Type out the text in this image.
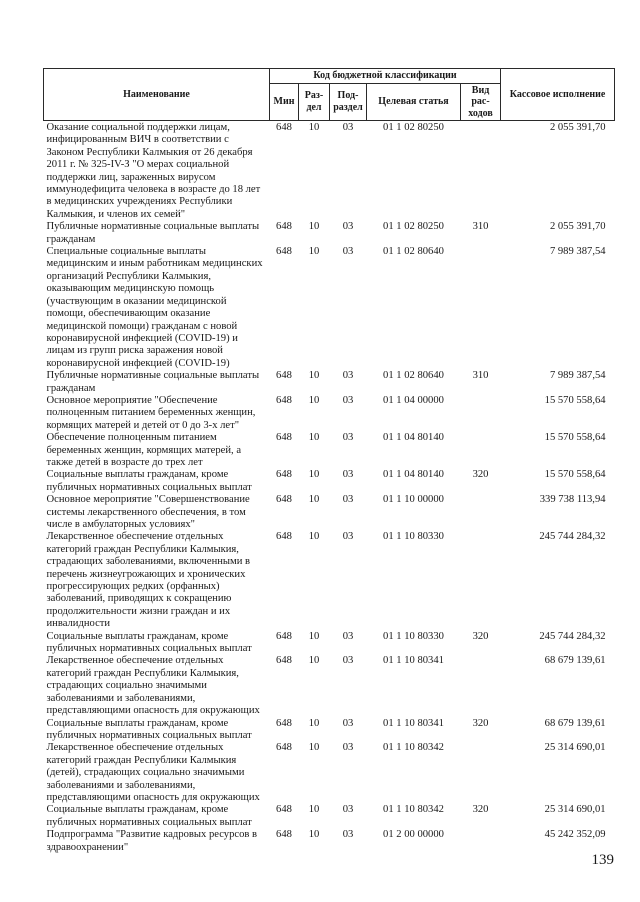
Наименование	Код бюджетной классификации					Кассовое исполнение
	Мин	Раз-дел	Под-раздел	Целевая статья	Вид рас-ходов	
Оказание социальной поддержки лицам, инфицированным ВИЧ в соответствии с Законом Республики Калмыкия от 26 декабря 2011 г. № 325-IV-З "О мерах социальной поддержки лиц, зараженных вирусом иммунодефицита человека в возрасте до 18 лет в медицинских учреждениях Республики Калмыкия, и членов их семей"	648	10	03	01 1 02 80250		2 055 391,70
Публичные нормативные социальные выплаты гражданам	648	10	03	01 1 02 80250	310	2 055 391,70
Специальные социальные выплаты медицинским и иным работникам медицинских организаций Республики Калмыкия, оказывающим медицинскую помощь (участвующим в оказании медицинской помощи, обеспечивающим оказание медицинской помощи) гражданам с новой коронавирусной инфекцией (COVID-19) и лицам из групп риска заражения новой коронавирусной инфекцией (COVID-19)	648	10	03	01 1 02 80640		7 989 387,54
Публичные нормативные социальные выплаты гражданам	648	10	03	01 1 02 80640	310	7 989 387,54
Основное мероприятие "Обеспечение полноценным питанием беременных женщин, кормящих матерей и детей от 0 до 3-х лет"	648	10	03	01 1 04 00000		15 570 558,64
Обеспечение полноценным питанием беременных женщин, кормящих матерей, а также детей в возрасте до трех лет	648	10	03	01 1 04 80140		15 570 558,64
Социальные выплаты гражданам, кроме публичных нормативных социальных выплат	648	10	03	01 1 04 80140	320	15 570 558,64
Основное мероприятие "Совершенствование системы лекарственного обеспечения, в том числе в амбулаторных условиях"	648	10	03	01 1 10 00000		339 738 113,94
Лекарственное обеспечение отдельных категорий граждан Республики Калмыкия, страдающих заболеваниями, включенными в перечень жизнеугрожающих и хронических прогрессирующих редких (орфанных) заболеваний, приводящих к сокращению продолжительности жизни граждан и их инвалидности	648	10	03	01 1 10 80330		245 744 284,32
Социальные выплаты гражданам, кроме публичных нормативных социальных выплат	648	10	03	01 1 10 80330	320	245 744 284,32
Лекарственное обеспечение отдельных категорий граждан Республики Калмыкия, страдающих социально значимыми заболеваниями и заболеваниями, представляющими опасность для окружающих	648	10	03	01 1 10 80341		68 679 139,61
Социальные выплаты гражданам, кроме публичных нормативных социальных выплат	648	10	03	01 1 10 80341	320	68 679 139,61
Лекарственное обеспечение отдельных категорий граждан Республики Калмыкия (детей), страдающих социально значимыми заболеваниями и заболеваниями, представляющими опасность для окружающих	648	10	03	01 1 10 80342		25 314 690,01
Социальные выплаты гражданам, кроме публичных нормативных социальных выплат	648	10	03	01 1 10 80342	320	25 314 690,01
Подпрограмма "Развитие кадровых ресурсов в здравоохранении"	648	10	03	01 2 00 00000		45 242 352,09
139
